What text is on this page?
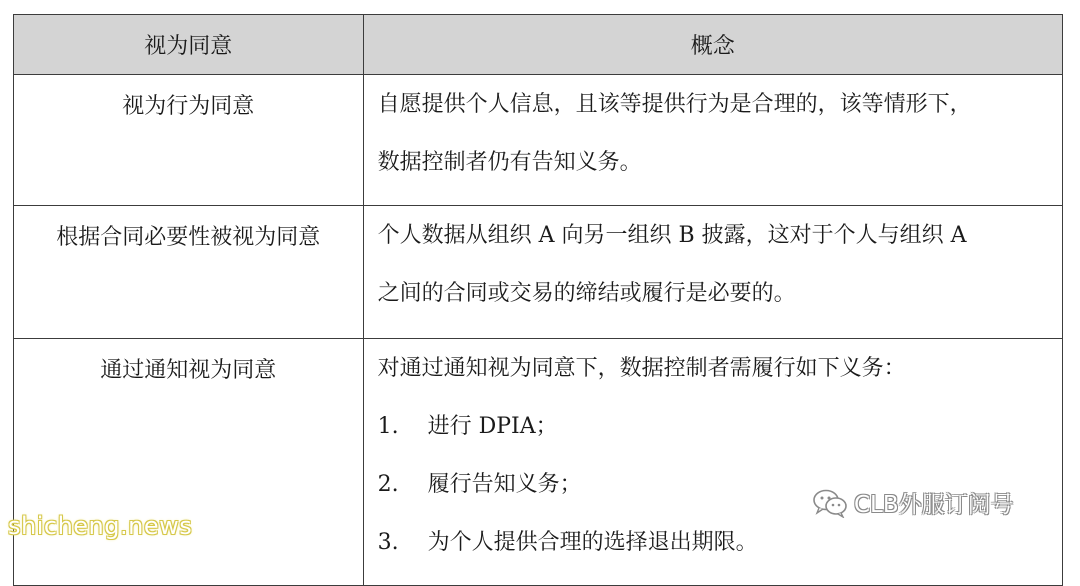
视为同意	概念
视为行为同意	自愿提供个人信息，且该等提供行为是合理的，该等情形下，
数据控制者仍有告知义务。

根据合同必要性被视为同意	个人数据从组织 A 向另一组织 B 披露，这对于个人与组织 A
之间的合同或交易的缔结或履行是必要的。

通过通知视为同意	对通过通知视为同意下，数据控制者需履行如下义务：
1. 进行 DPIA；
2. 履行告知义务；
3. 为个人提供合理的选择退出期限。
CLB外服订阅号
shicheng.news
